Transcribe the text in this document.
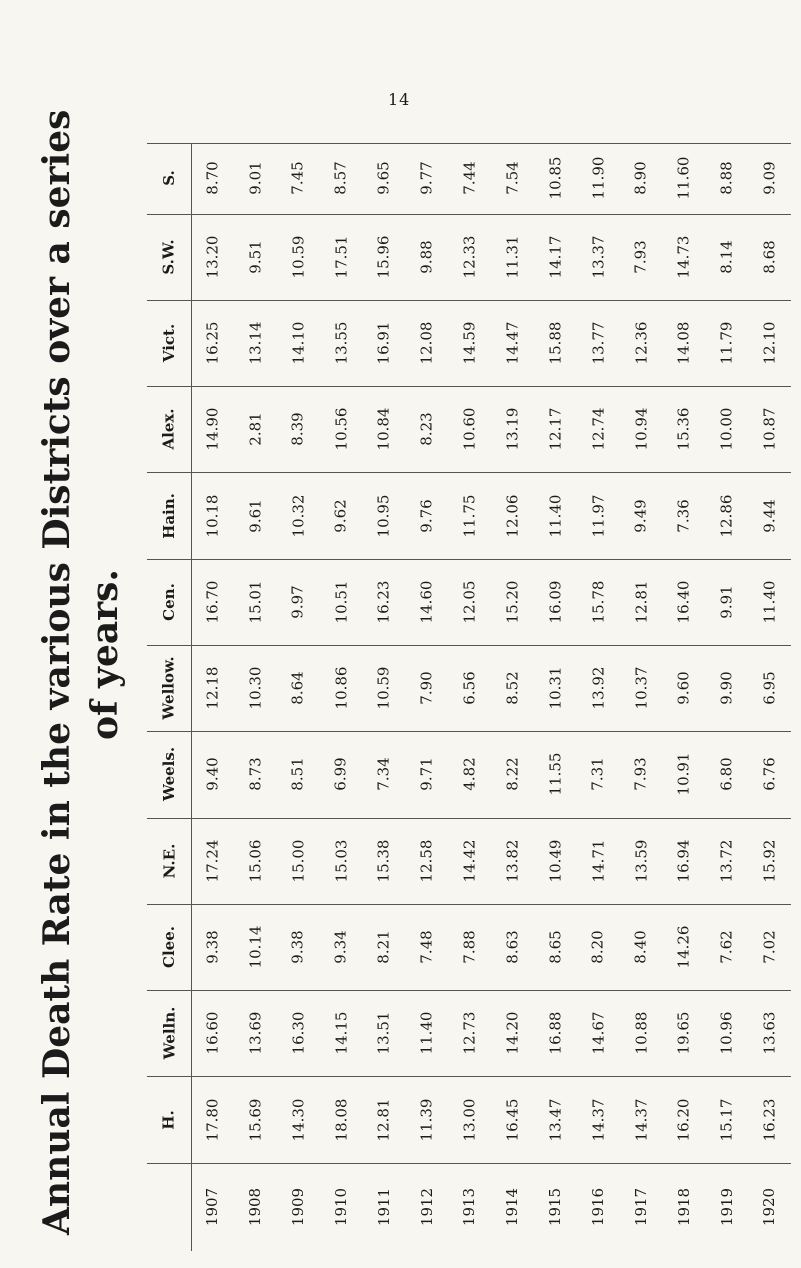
14
Annual Death Rate in the various Districts over a series of years.
S. 8.70 9.01 7.45 8.57 9.65 9.77 7.44 7.54 10.85 11.90 8.90 11.60 8.88 9.09
S.W. 13.20 9.51 10.59 17.51 15.96 9.88 12.33 11.31 14.17 13.37 7.93 14.73 8.14 8.68
Vict. 16.25 13.14 14.10 13.55 16.91 12.08 14.59 14.47 15.88 13.77 12.36 14.08 11.79 12.10
Alex. 14.90 2.81 8.39 10.56 10.84 8.23 10.60 13.19 12.17 12.74 10.94 15.36 10.00 10.87
Hain. 10.18 9.61 10.32 9.62 10.95 9.76 11.75 12.06 11.40 11.97 9.49 7.36 12.86 9.44
Cen. 16.70 15.01 9.97 10.51 16.23 14.60 12.05 15.20 16.09 15.78 12.81 16.40 9.91 11.40
Wellow. 12.18 10.30 8.64 10.86 10.59 7.90 6.56 8.52 10.31 13.92 10.37 9.60 9.90 6.95
Weels. 9.40 8.73 8.51 6.99 7.34 9.71 4.82 8.22 11.55 7.31 7.93 10.91 6.80 6.76
N.E. 17.24 15.06 15.00 15.03 15.38 12.58 14.42 13.82 10.49 14.71 13.59 16.94 13.72 15.92
Clee. 9.38 10.14 9.38 9.34 8.21 7.48 7.88 8.63 8.65 8.20 8.40 14.26 7.62 7.02
Welln. 16.60 13.69 16.30 14.15 13.51 11.40 12.73 14.20 16.88 14.67 10.88 19.65 10.96 13.63
H. 17.80 15.69 14.30 18.08 12.81 11.39 13.00 16.45 13.47 14.37 14.37 16.20 15.17 16.23
1907 1908 1909 1910 1911 1912 1913 1914 1915 1916 1917 1918 1919 1920
